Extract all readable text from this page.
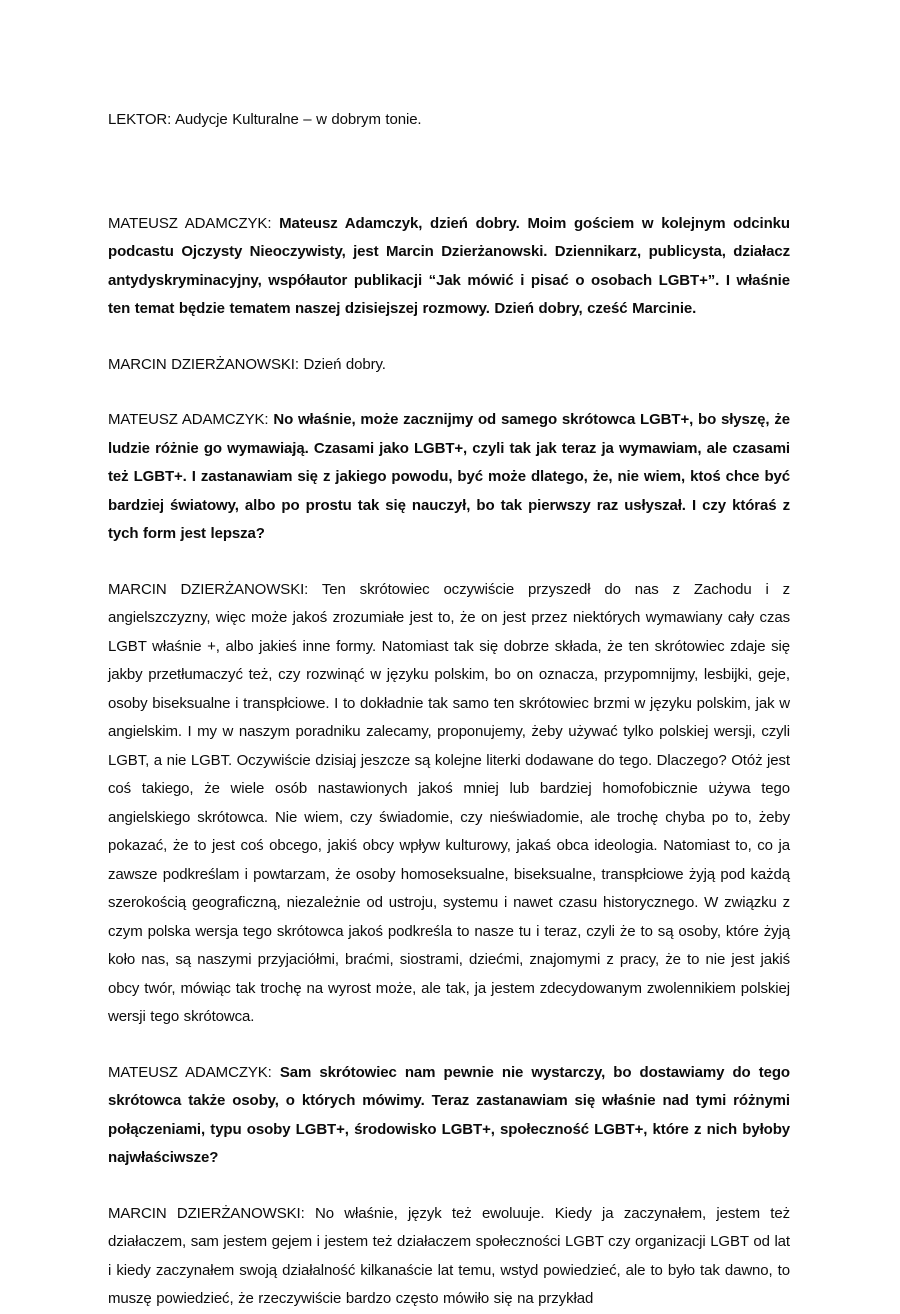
LEKTOR: Audycje Kulturalne – w dobrym tonie.

MATEUSZ ADAMCZYK: Mateusz Adamczyk, dzień dobry. Moim gościem w kolejnym odcinku podcastu Ojczysty Nieoczywisty, jest Marcin Dzierżanowski. Dziennikarz, publicysta, działacz antydyskryminacyjny, współautor publikacji “Jak mówić i pisać o osobach LGBT+”. I właśnie ten temat będzie tematem naszej dzisiejszej rozmowy. Dzień dobry, cześć Marcinie.

MARCIN DZIERŻANOWSKI: Dzień dobry.

MATEUSZ ADAMCZYK: No właśnie, może zacznijmy od samego skrótowca LGBT+, bo słyszę, że ludzie różnie go wymawiają. Czasami jako LGBT+, czyli tak jak teraz ja wymawiam, ale czasami też LGBT+. I zastanawiam się z jakiego powodu, być może dlatego, że, nie wiem, ktoś chce być bardziej światowy, albo po prostu tak się nauczył, bo tak pierwszy raz usłyszał. I czy któraś z tych form jest lepsza?

MARCIN DZIERŻANOWSKI: Ten skrótowiec oczywiście przyszedł do nas z Zachodu i z angielszczyzny, więc może jakoś zrozumiałe jest to, że on jest przez niektórych wymawiany cały czas LGBT właśnie +, albo jakieś inne formy. Natomiast tak się dobrze składa, że ten skrótowiec zdaje się jakby przetłumaczyć też, czy rozwinąć w języku polskim, bo on oznacza, przypomnijmy, lesbijki, geje, osoby biseksualne i transpłciowe. I to dokładnie tak samo ten skrótowiec brzmi w języku polskim, jak w angielskim. I my w naszym poradniku zalecamy, proponujemy, żeby używać tylko polskiej wersji, czyli LGBT, a nie LGBT. Oczywiście dzisiaj jeszcze są kolejne literki dodawane do tego. Dlaczego? Otóż jest coś takiego, że wiele osób nastawionych jakoś mniej lub bardziej homofobicznie używa tego angielskiego skrótowca. Nie wiem, czy świadomie, czy nieświadomie, ale trochę chyba po to, żeby pokazać, że to jest coś obcego, jakiś obcy wpływ kulturowy, jakaś obca ideologia. Natomiast to, co ja zawsze podkreślam i powtarzam, że osoby homoseksualne, biseksualne, transpłciowe żyją pod każdą szerokością geograficzną, niezależnie od ustroju, systemu i nawet czasu historycznego. W związku z czym polska wersja tego skrótowca jakoś podkreśla to nasze tu i teraz, czyli że to są osoby, które żyją koło nas, są naszymi przyjaciółmi, braćmi, siostrami, dziećmi, znajomymi z pracy, że to nie jest jakiś obcy twór, mówiąc tak trochę na wyrost może, ale tak, ja jestem zdecydowanym zwolennikiem polskiej wersji tego skrótowca.

MATEUSZ ADAMCZYK: Sam skrótowiec nam pewnie nie wystarczy, bo dostawiamy do tego skrótowca także osoby, o których mówimy. Teraz zastanawiam się właśnie nad tymi różnymi połączeniami, typu osoby LGBT+, środowisko LGBT+, społeczność LGBT+, które z nich byłoby najwłaściwsze?

MARCIN DZIERŻANOWSKI: No właśnie, język też ewoluuje. Kiedy ja zaczynałem, jestem też działaczem, sam jestem gejem i jestem też działaczem społeczności LGBT czy organizacji LGBT od lat i kiedy zaczynałem swoją działalność kilkanaście lat temu, wstyd powiedzieć, ale to było tak dawno, to muszę powiedzieć, że rzeczywiście bardzo często mówiło się na przykład
